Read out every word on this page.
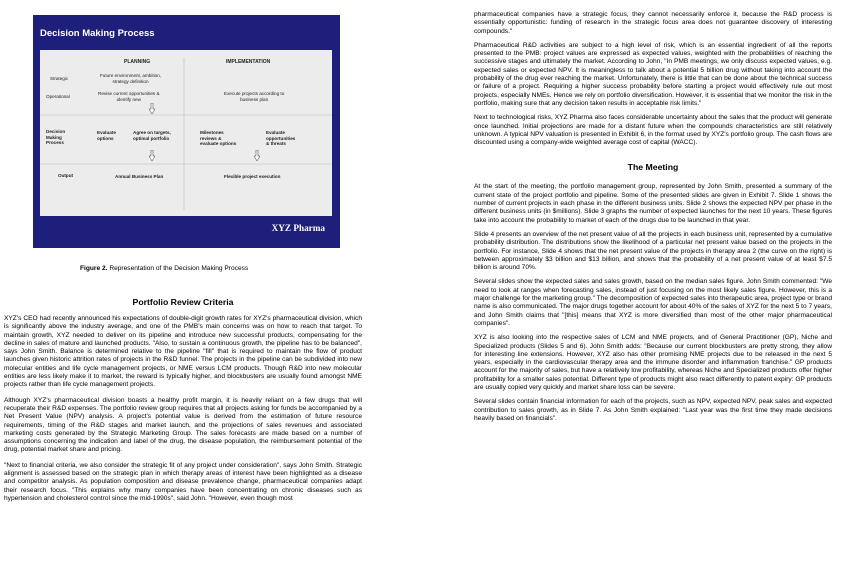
Decision Making Process
PLANNING	IMPLEMENTATION
Strategic
Operational
Decision
Making
Process
Output
Future environment, ambition,
strategy definition
Revise current opportunities &
identify new
Execute projects according to
business plan
Evaluate
options
Agree on targets,
optimal portfolio
Milestones
reviews &
evaluate options
Evaluate
opportunities
& threats
Annual Business Plan	Flexible project execution
XYZ Pharma
Figure 2. Representation of the Decision Making Process
Portfolio Review Criteria

XYZ's CEO had recently announced his expectations of double-digit growth rates for XYZ's pharmaceutical division, which is significantly above the industry average, and one of the PMB's main concerns was on how to reach that target. To maintain growth, XYZ needed to deliver on its pipeline and introduce new successful products, compensating for the decline in sales of mature and launched products. "Also, to sustain a continuous growth, the pipeline has to be balanced", says John Smith. Balance is determined relative to the pipeline "fill" that is required to maintain the flow of product launches given historic attrition rates of projects in the R&D funnel. The projects in the pipeline can be subdivided into new molecular entities and life cycle management projects, or NME versus LCM products. Though R&D into new molecular entities are less likely make it to market, the reward is typically higher, and blockbusters are usually found amongst NME projects rather than life cycle management projects.

Although XYZ's pharmaceutical division boasts a healthy profit margin, it is heavily reliant on a few drugs that will recuperate their R&D expenses. The portfolio review group requires that all projects asking for funds be accompanied by a Net Present Value (NPV) analysis. A project's potential value is derived from the estimation of future resource requirements, timing of the R&D stages and market launch, and the projections of sales revenues and associated marketing costs generated by the Strategic Marketing Group. The sales forecasts are made based on a number of assumptions concerning the indication and label of the drug, the disease population, the reimbursement potential of the drug, potential market share and pricing.

"Next to financial criteria, we also consider the strategic fit of any project under consideration", says John Smith. Strategic alignment is assessed based on the strategic plan in which therapy areas of interest have been highlighted as a disease and competitor analysis. As population composition and disease prevalence change, pharmaceutical companies adapt their research focus. "This explains why many companies have been concentrating on chronic diseases such as hypertension and cholesterol control since the mid-1990s", said John. "However, even though most

pharmaceutical companies have a strategic focus, they cannot necessarily enforce it, because the R&D process is essentially opportunistic: funding of research in the strategic focus area does not guarantee discovery of interesting compounds."

Pharmaceutical R&D activities are subject to a high level of risk, which is an essential ingredient of all the reports presented to the PMB: project values are expressed as expected values, weighted with the probabilities of reaching the successive stages and ultimately the market. According to John, "In PMB meetings, we only discuss expected values, e.g. expected sales or expected NPV. It is meaningless to talk about a potential 5 billion drug without taking into account the probability of the drug ever reaching the market. Unfortunately, there is little that can be done about the technical success or failure of a project. Requiring a higher success probability before starting a project would effectively rule out most projects, especially NMEs. Hence we rely on portfolio diversification. However, it is essential that we monitor the risk in the portfolio, making sure that any decision taken results in acceptable risk limits."

Next to technological risks, XYZ Pharma also faces considerable uncertainty about the sales that the product will generate once launched. Initial projections are made for a distant future when the compounds characteristics are still relatively unknown. A typical NPV valuation is presented in Exhibit 6, in the format used by XYZ's portfolio group. The cash flows are discounted using a company-wide weighted average cost of capital (WACC).

The Meeting

At the start of the meeting, the portfolio management group, represented by John Smith, presented a summary of the current state of the project portfolio and pipeline. Some of the presented slides are given in Exhibit 7. Slide 1 shows the number of current projects in each phase in the different business units. Slide 2 shows the expected NPV per phase in the different business units (in $millions). Slide 3 graphs the number of expected launches for the next 10 years. These figures take into account the probability to market of each of the drugs due to be launched in that year.

Slide 4 presents an overview of the net present value of all the projects in each business unit, represented by a cumulative probability distribution. The distributions show the likelihood of a particular net present value based on the projects in the portfolio. For instance, Slide 4 shows that the net present value of the projects in therapy area 2 (the curve on the right) is between approximately $3 billion and $13 billion, and shows that the probability of a net present value of at least $7.5 billion is around 70%.

Several slides show the expected sales and sales growth, based on the median sales figure. John Smith commented: "We need to look at ranges when forecasting sales, instead of just focusing on the most likely sales figure. However, this is a major challenge for the marketing group." The decomposition of expected sales into therapeutic area, project type or brand name is also communicated. The major drugs together account for about 40% of the sales of XYZ for the next 5 to 7 years, and John Smith claims that "[this] means that XYZ is more diversified than most of the other major pharmaceutical companies".

XYZ is also looking into the respective sales of LCM and NME projects, and of General Practitioner (GP), Niche and Specialized products (Slides 5 and 6). John Smith adds: "Because our current blockbusters are pretty strong, they allow for interesting line extensions. However, XYZ also has other promising NME projects due to be released in the next 5 years, especially in the cardiovascular therapy area and the immune disorder and inflammation franchise." GP products account for the majority of sales, but have a relatively low profitability, whereas Niche and Specialized products offer higher profitability for a smaller sales potential. Different type of products might also react differently to patent expiry: GP products are usually copied very quickly and market share loss can be severe.

Several slides contain financial information for each of the projects, such as NPV, expected NPV, peak sales and expected contribution to sales growth, as in Slide 7. As John Smith explained: "Last year was the first time they made decisions heavily based on financials".
